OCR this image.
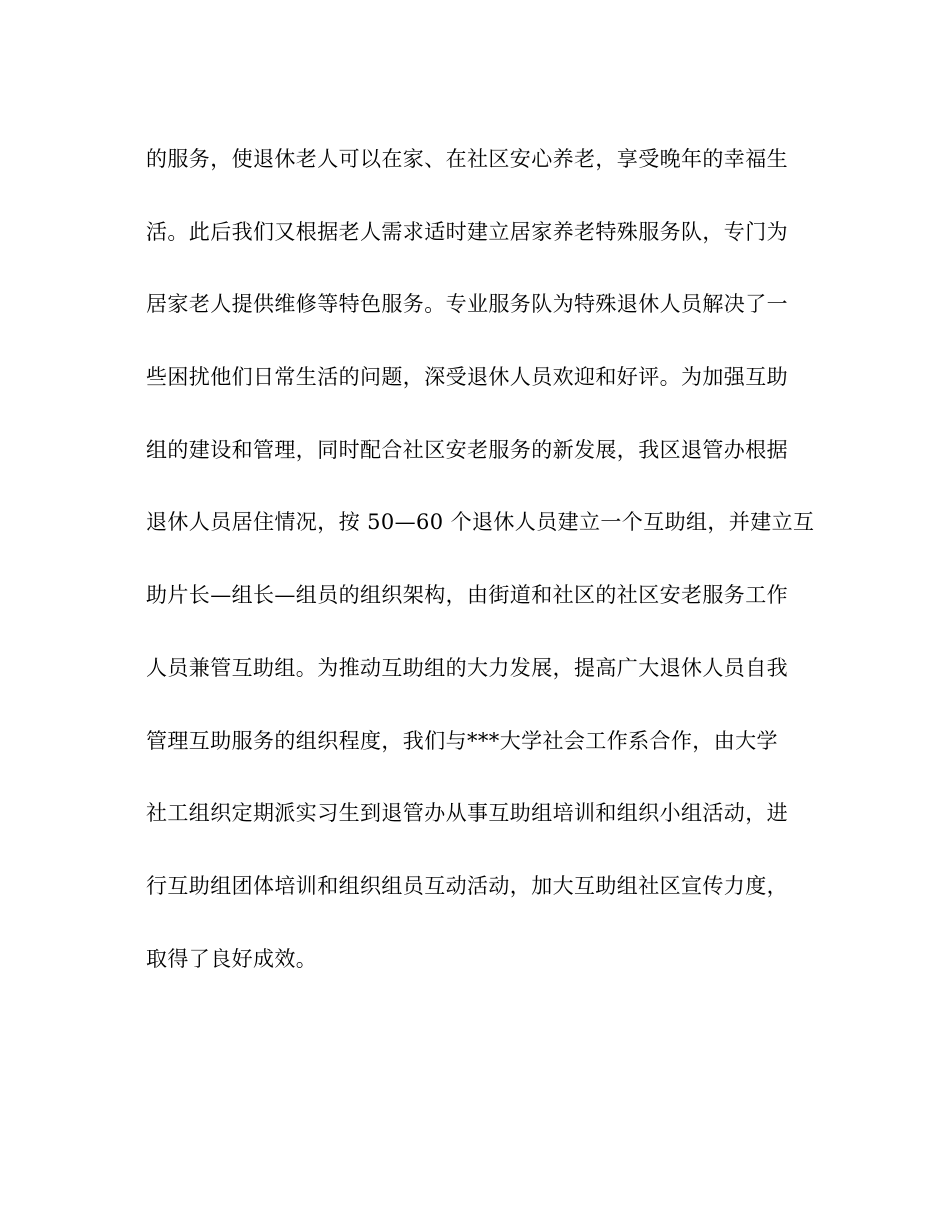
的服务，使退休老人可以在家、在社区安心养老，享受晚年的幸福生
活。此后我们又根据老人需求适时建立居家养老特殊服务队，专门为
居家老人提供维修等特色服务。专业服务队为特殊退休人员解决了一
些困扰他们日常生活的问题，深受退休人员欢迎和好评。为加强互助
组的建设和管理，同时配合社区安老服务的新发展，我区退管办根据
退休人员居住情况，按 50—60 个退休人员建立一个互助组，并建立互
助片长—组长—组员的组织架构，由街道和社区的社区安老服务工作
人员兼管互助组。为推动互助组的大力发展，提高广大退休人员自我
管理互助服务的组织程度，我们与***大学社会工作系合作，由大学
社工组织定期派实习生到退管办从事互助组培训和组织小组活动，进
行互助组团体培训和组织组员互动活动，加大互助组社区宣传力度，
取得了良好成效。
